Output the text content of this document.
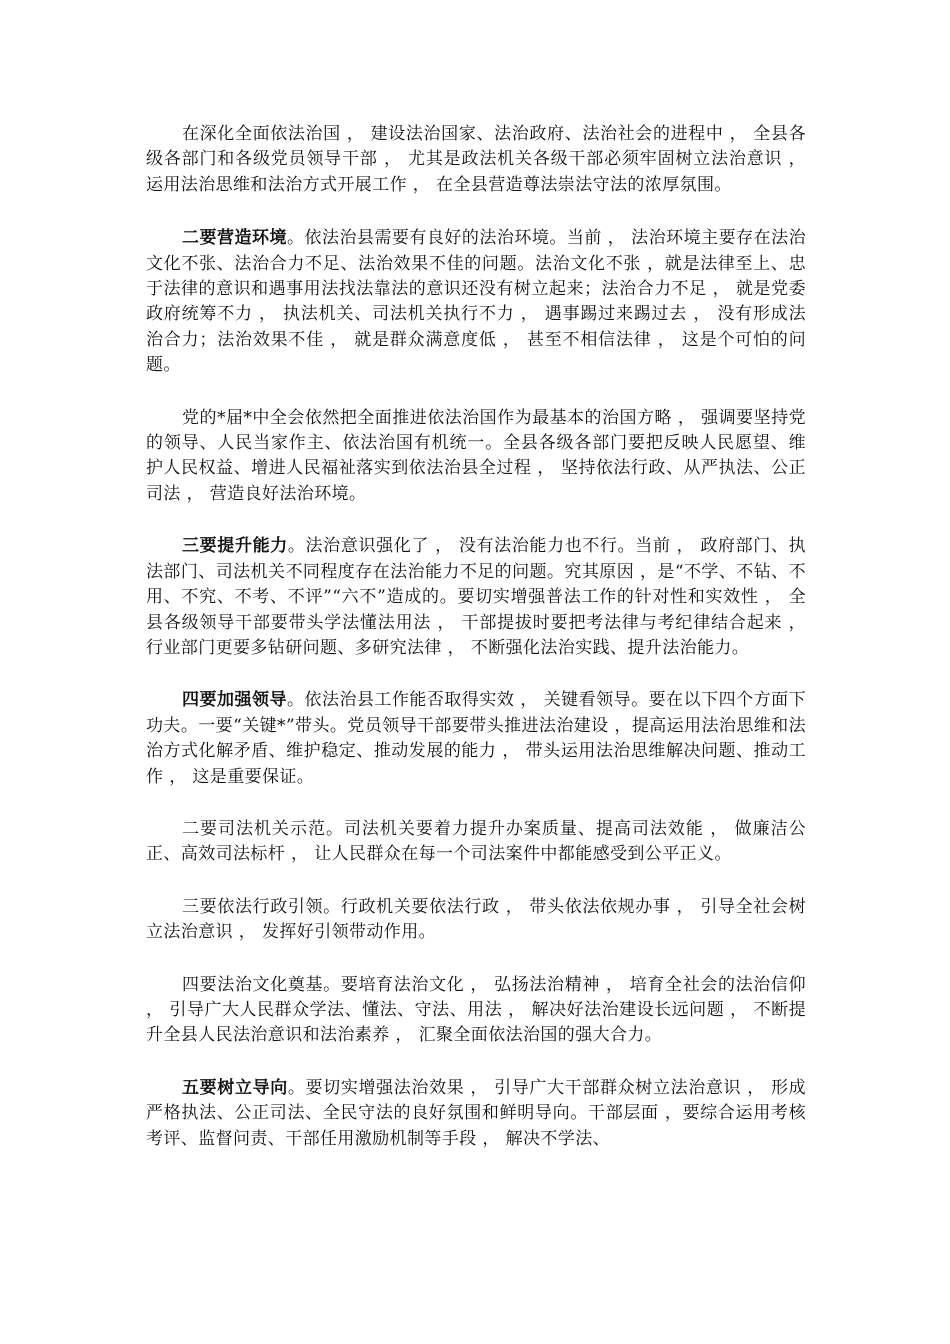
在深化全面依法治国 ， 建设法治国家、法治政府、法治社会的进程中 ， 全县各级各部门和各级党员领导干部 ， 尤其是政法机关各级干部必须牢固树立法治意识 ， 运用法治思维和法治方式开展工作 ， 在全县营造尊法崇法守法的浓厚氛围。

二要营造环境。依法治县需要有良好的法治环境。当前 ， 法治环境主要存在法治文化不张、法治合力不足、法治效果不佳的问题。法治文化不张 ，就是法律至上、忠于法律的意识和遇事用法找法靠法的意识还没有树立起来；法治合力不足 ， 就是党委政府统筹不力 ， 执法机关、司法机关执行不力 ， 遇事踢过来踢过去 ， 没有形成法治合力；法治效果不佳 ， 就是群众满意度低 ， 甚至不相信法律 ， 这是个可怕的问题。

党的*届*中全会依然把全面推进依法治国作为最基本的治国方略 ， 强调要坚持党的领导、人民当家作主、依法治国有机统一。全县各级各部门要把反映人民愿望、维护人民权益、增进人民福祉落实到依法治县全过程 ， 坚持依法行政、从严执法、公正司法 ， 营造良好法治环境。

三要提升能力。法治意识强化了 ， 没有法治能力也不行。当前 ， 政府部门、执法部门、司法机关不同程度存在法治能力不足的问题。究其原因 ，是“不学、不钻、不用、不究、不考、不评”“六不”造成的。要切实增强普法工作的针对性和实效性 ， 全县各级领导干部要带头学法懂法用法 ， 干部提拔时要把考法律与考纪律结合起来 ， 行业部门更要多钻研问题、多研究法律 ， 不断强化法治实践、提升法治能力。

四要加强领导。依法治县工作能否取得实效 ， 关键看领导。要在以下四个方面下功夫。一要“关键*”带头。党员领导干部要带头推进法治建设 ，提高运用法治思维和法治方式化解矛盾、维护稳定、推动发展的能力 ， 带头运用法治思维解决问题、推动工作 ， 这是重要保证。

二要司法机关示范。司法机关要着力提升办案质量、提高司法效能 ， 做廉洁公正、高效司法标杆 ， 让人民群众在每一个司法案件中都能感受到公平正义。

三要依法行政引领。行政机关要依法行政 ， 带头依法依规办事 ， 引导全社会树立法治意识 ， 发挥好引领带动作用。

四要法治文化奠基。要培育法治文化 ， 弘扬法治精神 ， 培育全社会的法治信仰 ， 引导广大人民群众学法、懂法、守法、用法 ， 解决好法治建设长远问题 ， 不断提升全县人民法治意识和法治素养 ， 汇聚全面依法治国的强大合力。

五要树立导向。要切实增强法治效果 ， 引导广大干部群众树立法治意识 ， 形成严格执法、公正司法、全民守法的良好氛围和鲜明导向。干部层面 ，要综合运用考核考评、监督问责、干部任用激励机制等手段 ， 解决不学法、
